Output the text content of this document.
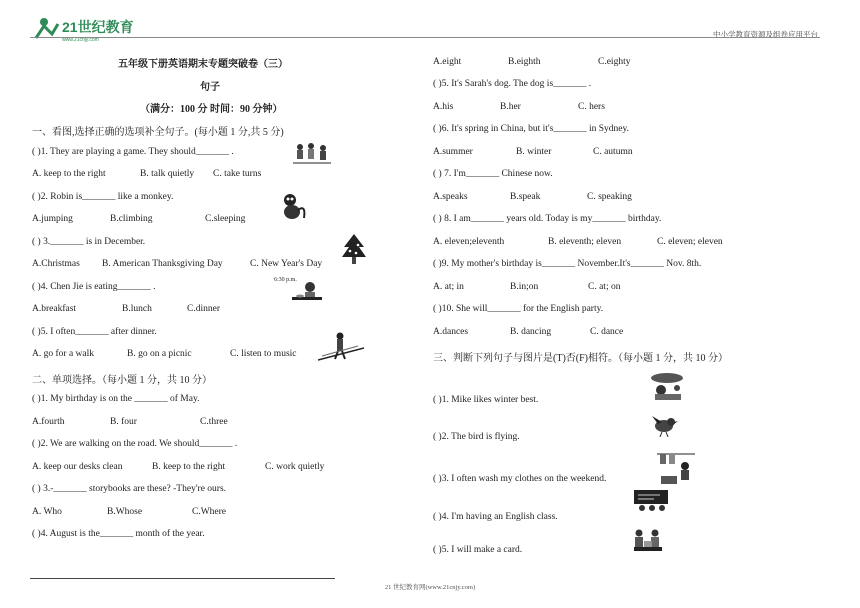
21世纪教育
www.21cnjy.com
中小学教育资源及组卷应用平台
五年级下册英语期末专题突破卷（三）
句子
（满分：100 分 时间：90 分钟）
一、看图,选择正确的选项补全句子。(每小题 1 分,共 5 分)
( )1. They are playing a game. They should_______ .
A. keep to the right	B. talk quietly C. take turns
( )2. Robin is_______ like a monkey.
A.jumping	B.climbing	C.sleeping
( ) 3._______ is in December.
A.Christmas B. American Thanksgiving Day	C. New Year's Day
( )4. Chen Jie is eating_______ .
A.breakfast	B.lunch	C.dinner
( )5. I often_______ after dinner.
A. go for a walk	B. go on a picnic	C. listen to music
二、单项选择。（每小题 1 分，共 10 分）
( )1. My birthday is on the _______ of May.
A.fourth	B. four	C.three
( )2. We are walking on the road. We should_______ .
A. keep our desks clean	B. keep to the right	C. work quietly
( ) 3.-_______ storybooks are these? -They're ours.
A. Who	B.Whose	C.Where
( )4. August is the_______ month of the year.
6:30 p.m.
A.eight	B.eighth	C.eighty
( )5. It's Sarah's dog. The dog is_______ .
A.his	B.her	C. hers
( )6. It's spring in China, but it's_______ in Sydney.
A.summer	B. winter	C. autumn
( ) 7. I'm_______ Chinese now.
A.speaks	B.speak	C. speaking
( ) 8. I am_______ years old. Today is my_______ birthday.
A. eleven;eleventh	B. eleventh; eleven	C. eleven; eleven
( )9. My mother's birthday is_______ November.It's_______ Nov. 8th.
A. at; in	B.in;on	C. at; on
( )10. She will_______ for the English party.
A.dances	B. dancing	C. dance
三、判断下列句子与图片是(T)否(F)相符。（每小题 1 分，共 10 分）
( )1. Mike likes winter best.
( )2. The bird is flying.
( )3. I often wash my clothes on the weekend.
( )4. I'm having an English class.
( )5. I will make a card.
21 世纪教育网(www.21cnjy.com)
